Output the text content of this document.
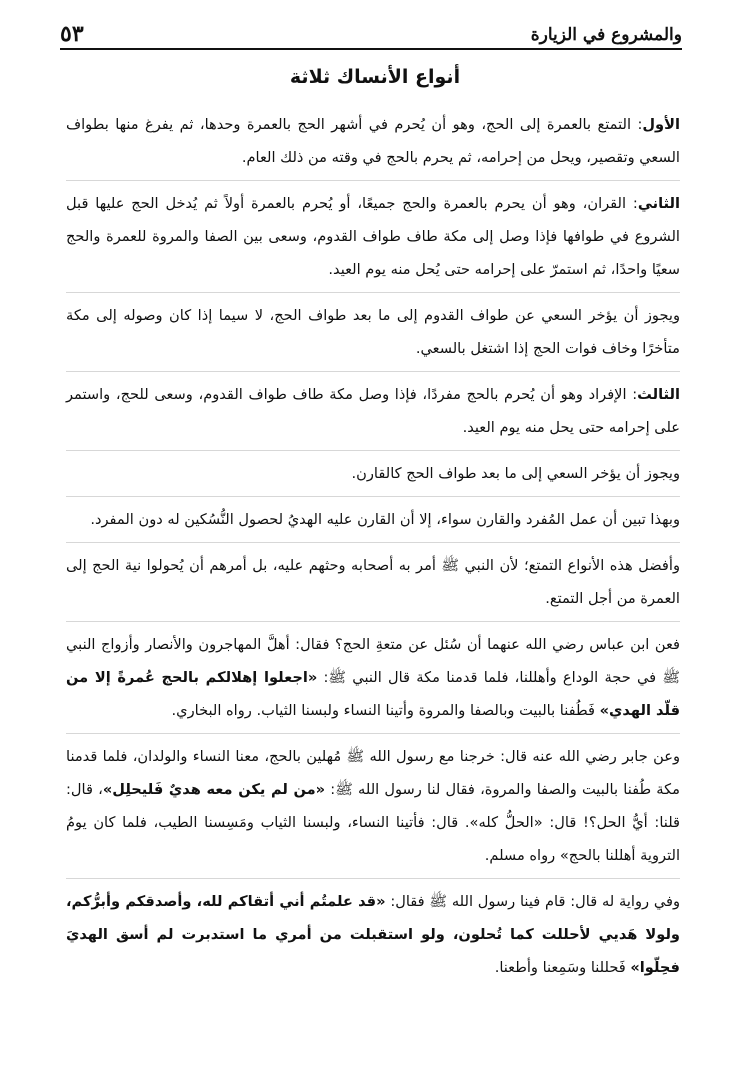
والمشروع في الزيارة
٥٣
أنواع الأنساك ثلاثة

الأول: التمتع بالعمرة إلى الحج، وهو أن يُحرم في أشهر الحج بالعمرة وحدها، ثم يفرغ منها بطواف السعي وتقصير، ويحل من إحرامه، ثم يحرم بالحج في وقته من ذلك العام.

الثاني: القران، وهو أن يحرم بالعمرة والحج جميعًا، أو يُحرم بالعمرة أولاً ثم يُدخل الحج عليها قبل الشروع في طوافها فإذا وصل إلى مكة طاف طواف القدوم، وسعى بين الصفا والمروة للعمرة والحج سعيًا واحدًا، ثم استمرّ على إحرامه حتى يُحل منه يوم العيد.

ويجوز أن يؤخر السعي عن طواف القدوم إلى ما بعد طواف الحج، لا سيما إذا كان وصوله إلى مكة متأخرًا وخاف فوات الحج إذا اشتغل بالسعي.

الثالث: الإفراد وهو أن يُحرم بالحج مفردًا، فإذا وصل مكة طاف طواف القدوم، وسعى للحج، واستمر على إحرامه حتى يحل منه يوم العيد.

ويجوز أن يؤخر السعي إلى ما بعد طواف الحج كالقارن.

وبهذا تبين أن عمل المُفرد والقارن سواء، إلا أن القارن عليه الهديُ لحصول النُّسُكين له دون المفرد.

وأفضل هذه الأنواع التمتع؛ لأن النبي ﷺ أمر به أصحابه وحثهم عليه، بل أمرهم أن يُحولوا نية الحج إلى العمرة من أجل التمتع.

فعن ابن عباس رضي الله عنهما أن سُئل عن متعةِ الحج؟ فقال: أهلَّ المهاجرون والأنصار وأزواج النبي ﷺ في حجة الوداع وأهللنا، فلما قدمنا مكة قال النبي ﷺ: «اجعلوا إهلالكم بالحج عُمرةً إلا من قلّد الهدي» فَطُفنا بالبيت وبالصفا والمروة وأتينا النساء ولبسنا الثياب. رواه البخاري.

وعن جابر رضي الله عنه قال: خرجنا مع رسول الله ﷺ مُهلين بالحج، معنا النساء والولدان، فلما قدمنا مكة طُفنا بالبيت والصفا والمروة، فقال لنا رسول الله ﷺ: «من لم يكن معه هديٌ فَليحلِل»، قال: قلنا: أيُّ الحل؟! قال: «الحلُّ كله». قال: فأتينا النساء، ولبسنا الثياب ومَسِسنا الطيب، فلما كان يومُ التروية أهللنا بالحج» رواه مسلم.

وفي رواية له قال: قام فينا رسول الله ﷺ فقال: «قد علمتُم أني أتقاكم لله، وأصدقكم وأبرُّكم، ولولا هَديي لأحللت كما تُحلون، ولو استقبلت من أمري ما استدبرت لم أسق الهديَ فحِلّوا» فَحللنا وسَمِعنا وأطعنا.
